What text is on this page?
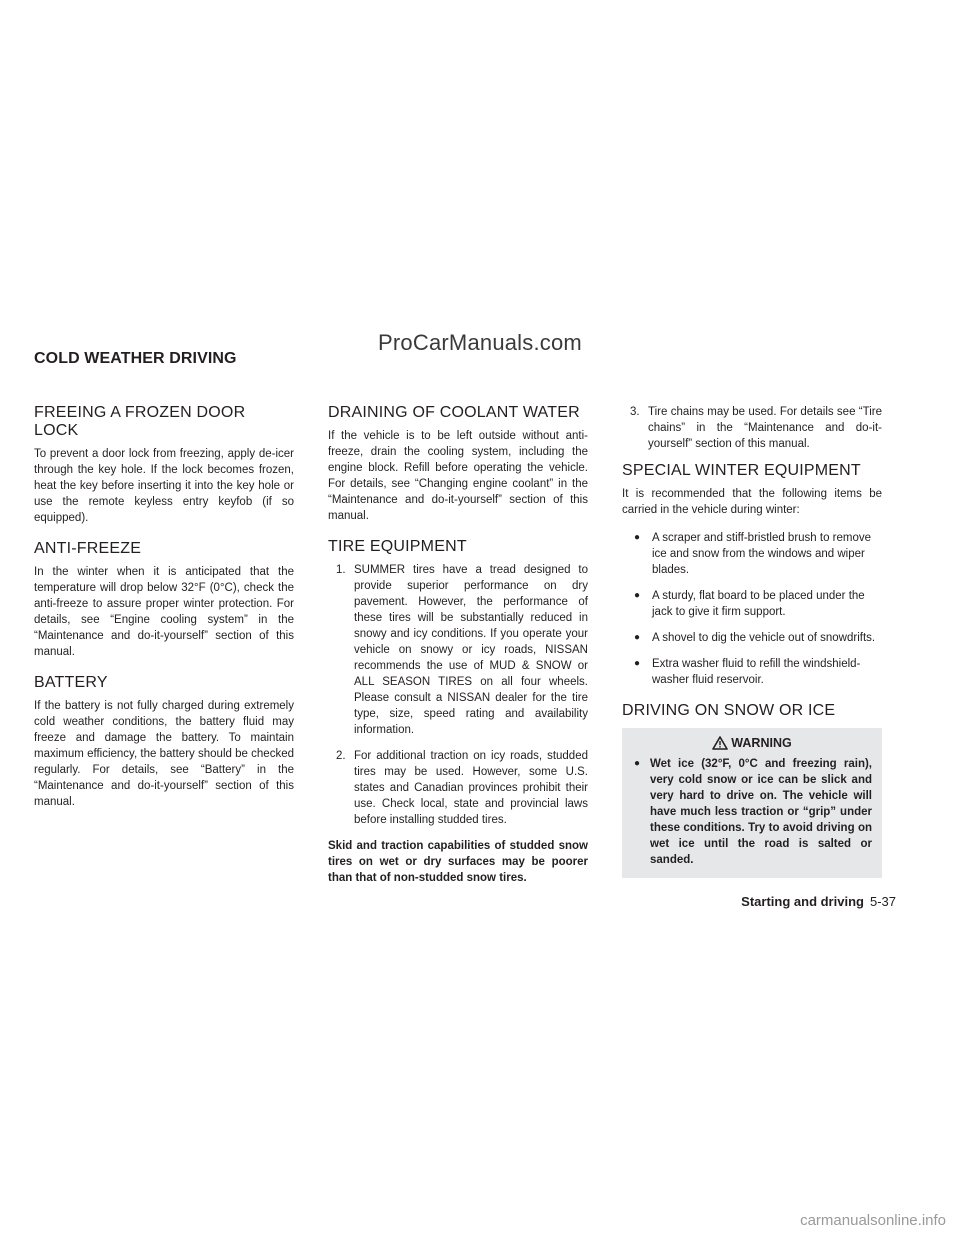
ProCarManuals.com
COLD WEATHER DRIVING
FREEING A FROZEN DOOR LOCK

To prevent a door lock from freezing, apply de-icer through the key hole. If the lock becomes frozen, heat the key before inserting it into the key hole or use the remote keyless entry keyfob (if so equipped).

ANTI-FREEZE

In the winter when it is anticipated that the temperature will drop below 32°F (0°C), check the anti-freeze to assure proper winter protection. For details, see “Engine cooling system” in the “Maintenance and do-it-yourself” section of this manual.

BATTERY

If the battery is not fully charged during extremely cold weather conditions, the battery fluid may freeze and damage the battery. To maintain maximum efficiency, the battery should be checked regularly. For details, see “Battery” in the “Maintenance and do-it-yourself” section of this manual.

DRAINING OF COOLANT WATER

If the vehicle is to be left outside without anti-freeze, drain the cooling system, including the engine block. Refill before operating the vehicle. For details, see “Changing engine coolant” in the “Maintenance and do-it-yourself” section of this manual.

TIRE EQUIPMENT
1. SUMMER tires have a tread designed to provide superior performance on dry pavement. However, the performance of these tires will be substantially reduced in snowy and icy conditions. If you operate your vehicle on snowy or icy roads, NISSAN recommends the use of MUD & SNOW or ALL SEASON TIRES on all four wheels. Please consult a NISSAN dealer for the tire type, size, speed rating and availability information.
2. For additional traction on icy roads, studded tires may be used. However, some U.S. states and Canadian provinces prohibit their use. Check local, state and provincial laws before installing studded tires.

Skid and traction capabilities of studded snow tires on wet or dry surfaces may be poorer than that of non-studded snow tires.

3. Tire chains may be used. For details see “Tire chains” in the “Maintenance and do-it-yourself” section of this manual.
SPECIAL WINTER EQUIPMENT

It is recommended that the following items be carried in the vehicle during winter:

● A scraper and stiff-bristled brush to remove ice and snow from the windows and wiper blades.
● A sturdy, flat board to be placed under the jack to give it firm support.
● A shovel to dig the vehicle out of snowdrifts.
● Extra washer fluid to refill the windshield-washer fluid reservoir.
DRIVING ON SNOW OR ICE
WARNING
● Wet ice (32°F, 0°C and freezing rain), very cold snow or ice can be slick and very hard to drive on. The vehicle will have much less traction or “grip” under these conditions. Try to avoid driving on wet ice until the road is salted or sanded.
Starting and driving 5-37
carmanualsonline.info
